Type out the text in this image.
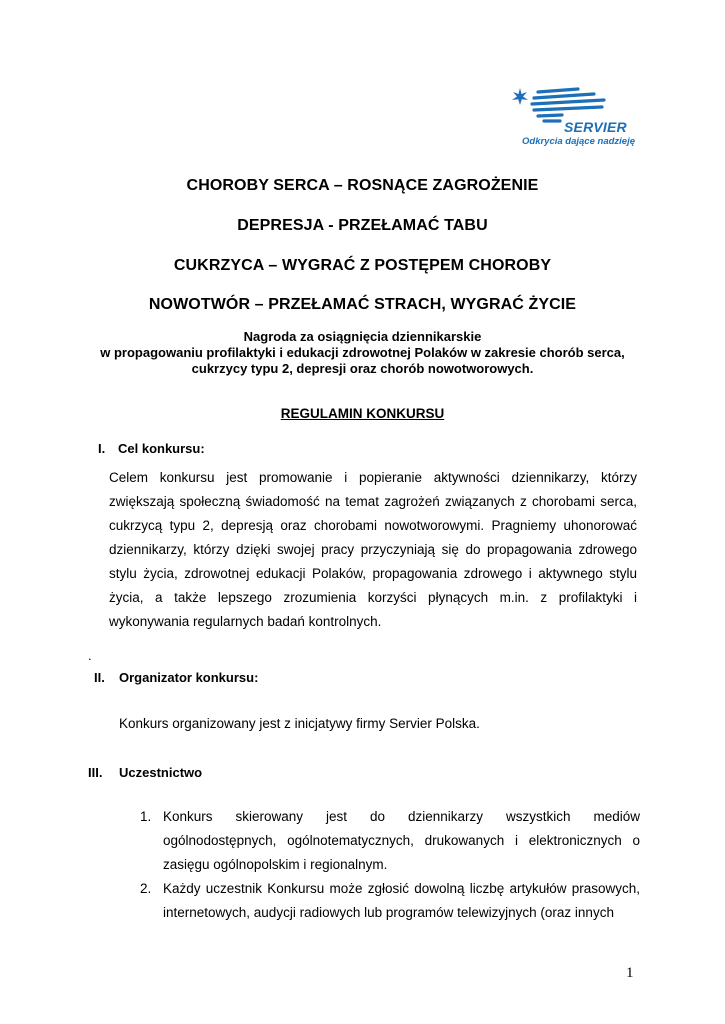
SERVIER
Odkrycia dające nadzieję
CHOROBY SERCA – ROSNĄCE ZAGROŻENIE
DEPRESJA - PRZEŁAMAĆ TABU
CUKRZYCA – WYGRAĆ Z POSTĘPEM CHOROBY
NOWOTWÓR – PRZEŁAMAĆ STRACH, WYGRAĆ ŻYCIE
Nagroda za osiągnięcia dziennikarskie
w propagowaniu profilaktyki i edukacji zdrowotnej Polaków w zakresie chorób serca,
cukrzycy typu 2, depresji oraz chorób nowotworowych.
REGULAMIN KONKURSU
I. Cel konkursu:
Celem konkursu jest promowanie i popieranie aktywności dziennikarzy, którzy zwiększają społeczną świadomość na temat zagrożeń związanych z chorobami serca, cukrzycą typu 2, depresją oraz chorobami nowotworowymi. Pragniemy uhonorować dziennikarzy, którzy dzięki swojej pracy przyczyniają się do propagowania zdrowego stylu życia, zdrowotnej edukacji Polaków, propagowania zdrowego i aktywnego stylu życia, a także lepszego zrozumienia korzyści płynących m.in. z profilaktyki i wykonywania regularnych badań kontrolnych.
.
II. Organizator konkursu:
Konkurs organizowany jest z inicjatywy firmy Servier Polska.
III. Uczestnictwo
1. Konkurs skierowany jest do dziennikarzy wszystkich mediów ogólnodostępnych, ogólnotematycznych, drukowanych i elektronicznych o zasięgu ogólnopolskim i regionalnym.
2. Każdy uczestnik Konkursu może zgłosić dowolną liczbę artykułów prasowych, internetowych, audycji radiowych lub programów telewizyjnych (oraz innych
1
